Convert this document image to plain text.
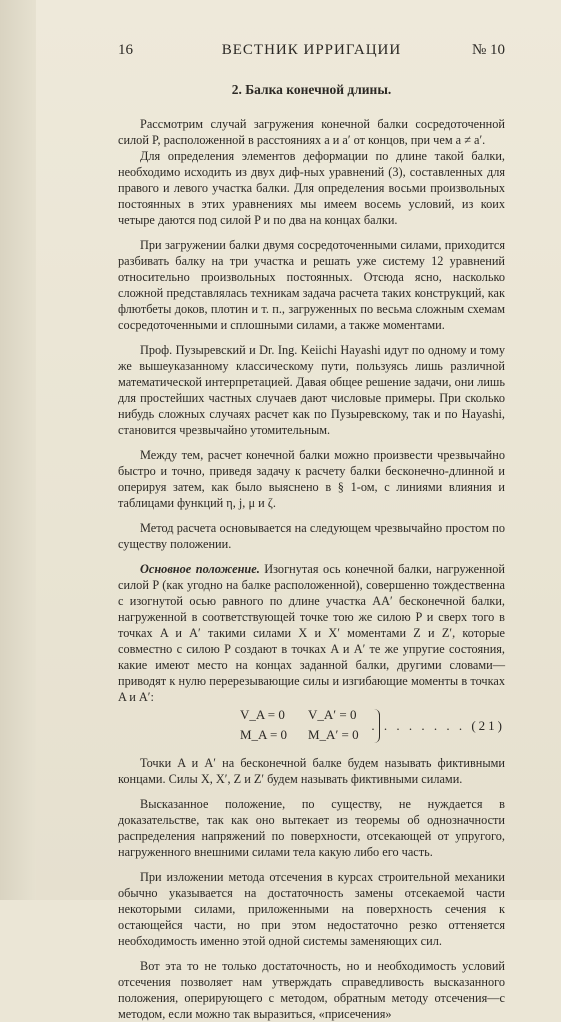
16	ВЕСТНИК ИРРИГАЦИИ	№ 10
2. Балка конечной длины.

Рассмотрим случай загружения конечной балки сосредоточенной силой P, расположенной в расстояниях a и a′ от концов, при чем a ≠ a′.

Для определения элементов деформации по длине такой балки, необходимо исходить из двух диф-ных уравнений (3), составленных для правого и левого участка балки. Для определения восьми произвольных постоянных в этих уравнениях мы имеем восемь условий, из коих четыре даются под силой P и по два на концах балки.

При загружении балки двумя сосредоточенными силами, приходится разбивать балку на три участка и решать уже систему 12 уравнений относительно произвольных постоянных. Отсюда ясно, насколько сложной представлялась техникам задача расчета таких конструкций, как флютбеты доков, плотин и т. п., загруженных по весьма сложным схемам сосредоточенными и сплошными силами, а также моментами.

Проф. Пузыревский и Dr. Ing. Keiichi Hayashi идут по одному и тому же вышеуказанному классическому пути, пользуясь лишь различной математической интерпретацией. Давая общее решение задачи, они лишь для простейших частных случаев дают числовые примеры. При сколько нибудь сложных случаях расчет как по Пузыревскому, так и по Hayashi, становится чрезвычайно утомительным.

Между тем, расчет конечной балки можно произвести чрезвычайно быстро и точно, приведя задачу к расчету балки бесконечно-длинной и оперируя затем, как было выяснено в § 1-ом, с линиями влияния и таблицами функций η, j, μ и ζ.

Метод расчета основывается на следующем чрезвычайно простом по существу положении.

Основное положение. Изогнутая ось конечной балки, нагруженной силой P (как угодно на балке расположенной), совершенно тождественна с изогнутой осью равного по длине участка AA′ бесконечной балки, нагруженной в соответствующей точке тою же силою P и сверх того в точках A и A′ такими силами X и X′ моментами Z и Z′, которые совместно с силою P создают в точках A и A′ те же упругие состояния, какие имеют место на концах заданной балки, другими словами—приводят к нулю перерезывающие силы и изгибающие моменты в точках A и A′:

V_A = 0 V_A′ = 0
M_A = 0 M_A′ = 0
. . . . . . . . (21)

Точки A и A′ на бесконечной балке будем называть фиктивными концами. Силы X, X′, Z и Z′ будем называть фиктивными силами.

Высказанное положение, по существу, не нуждается в доказательстве, так как оно вытекает из теоремы об однозначности распределения напряжений по поверхности, отсекающей от упругого, нагруженного внешними силами тела какую либо его часть.

При изложении метода отсечения в курсах строительной механики обычно указывается на достаточность замены отсекаемой части некоторыми силами, приложенными на поверхность сечения к остающейся части, но при этом недостаточно резко оттеняется необходимость именно этой одной системы заменяющих сил.

Вот эта то не только достаточность, но и необходимость условий отсечения позволяет нам утверждать справедливость высказанного положения, оперирующего с методом, обратным методу отсечения—с методом, если можно так выразиться, «присечения»
